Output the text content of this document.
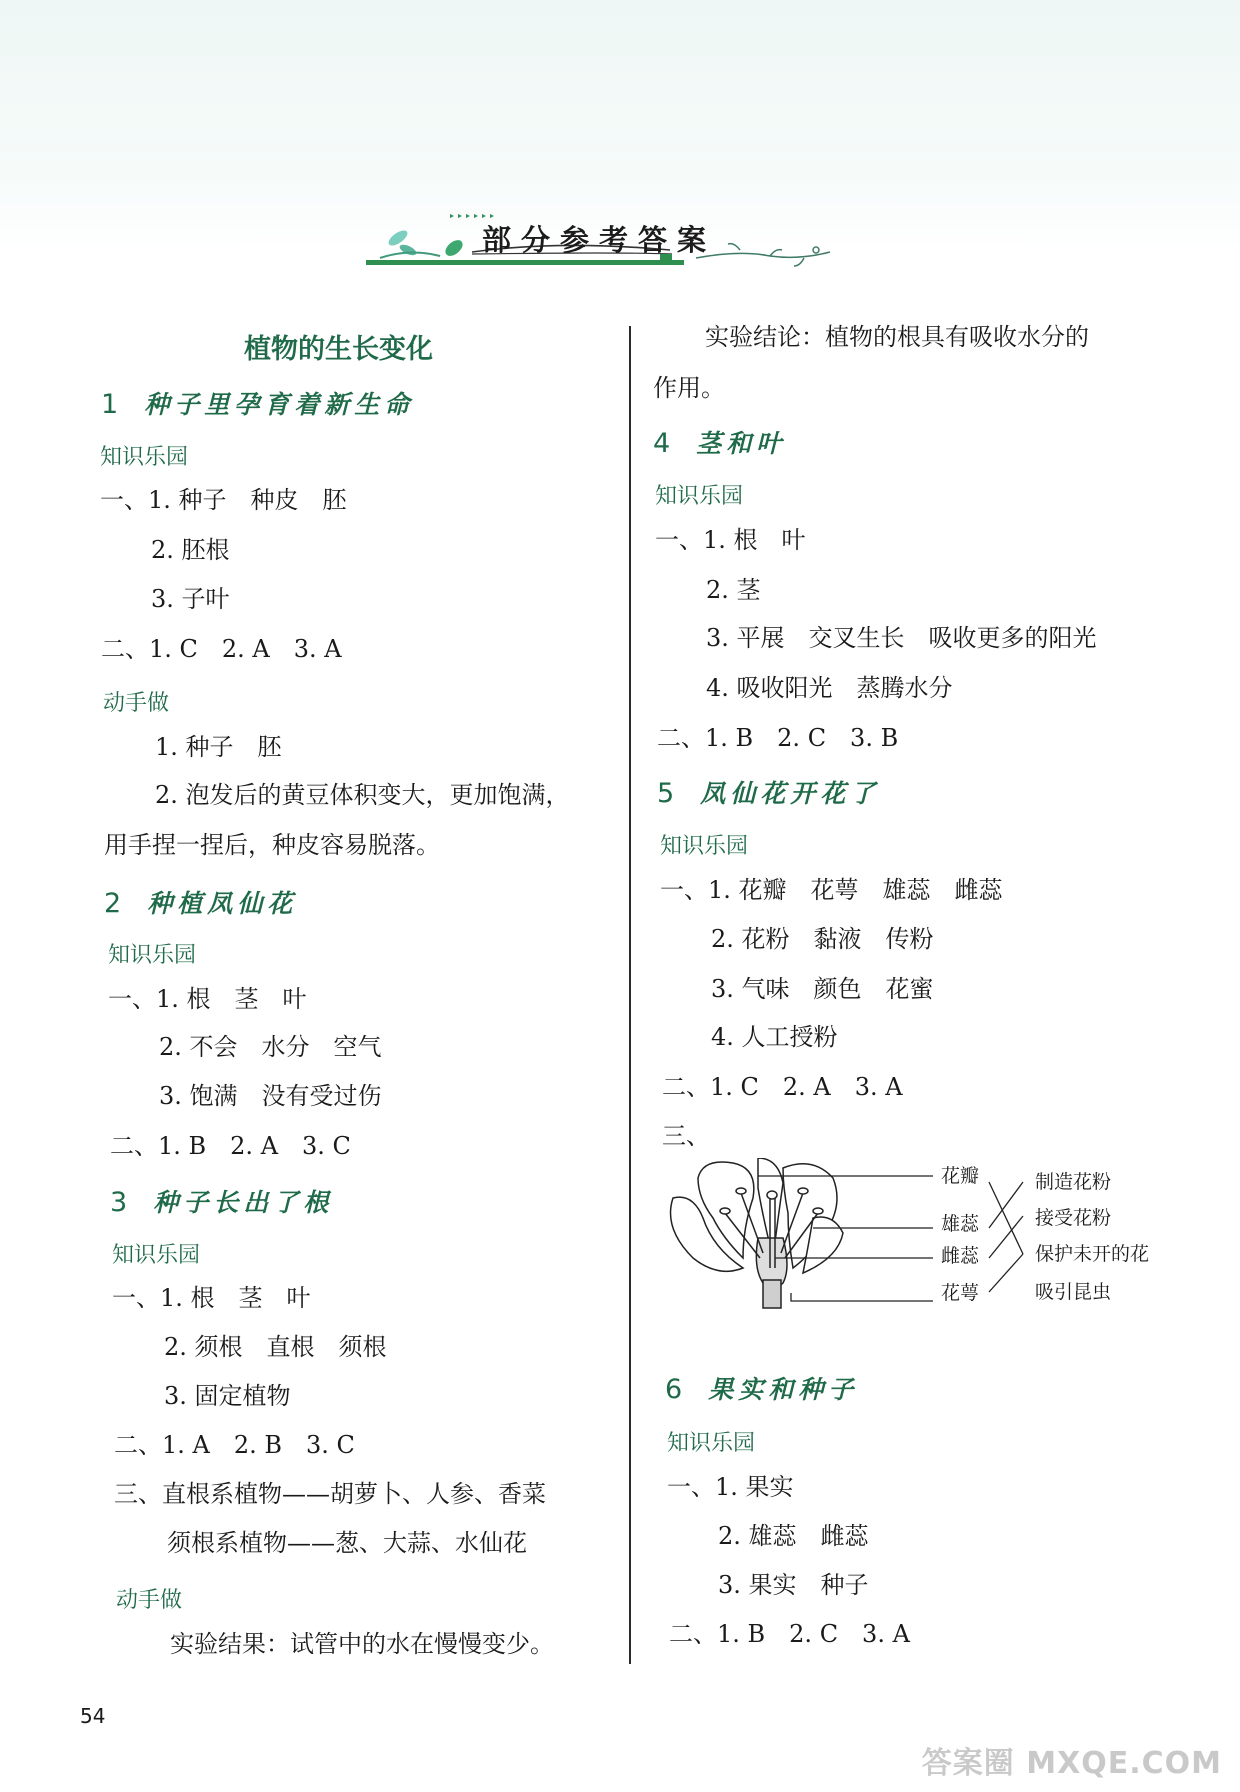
部分参考答案
植物的生长变化
1 种子里孕育着新生命
知识乐园
一、1. 种子　种皮　胚
2. 胚根
3. 子叶
二、1. C　2. A　3. A
动手做
1. 种子　胚
2. 泡发后的黄豆体积变大，更加饱满，
用手捏一捏后，种皮容易脱落。
2 种植凤仙花
知识乐园
一、1. 根　茎　叶
2. 不会　水分　空气
3. 饱满　没有受过伤
二、1. B　2. A　3. C
3 种子长出了根
知识乐园
一、1. 根　茎　叶
2. 须根　直根　须根
3. 固定植物
二、1. A　2. B　3. C
三、直根系植物——胡萝卜、人参、香菜
须根系植物——葱、大蒜、水仙花
动手做
实验结果：试管中的水在慢慢变少。
实验结论：植物的根具有吸收水分的
作用。
4 茎和叶
知识乐园
一、1. 根　叶
2. 茎
3. 平展　交叉生长　吸收更多的阳光
4. 吸收阳光　蒸腾水分
二、1. B　2. C　3. B
5 凤仙花开花了
知识乐园
一、1. 花瓣　花萼　雄蕊　雌蕊
2. 花粉　黏液　传粉
3. 气味　颜色　花蜜
4. 人工授粉
二、1. C　2. A　3. A
三、
花瓣
雄蕊
雌蕊
花萼
制造花粉
接受花粉
保护未开的花
吸引昆虫
6 果实和种子
知识乐园
一、1. 果实
2. 雄蕊　雌蕊
3. 果实　种子
二、1. B　2. C　3. A
54
答案圈 MXQE.COM
